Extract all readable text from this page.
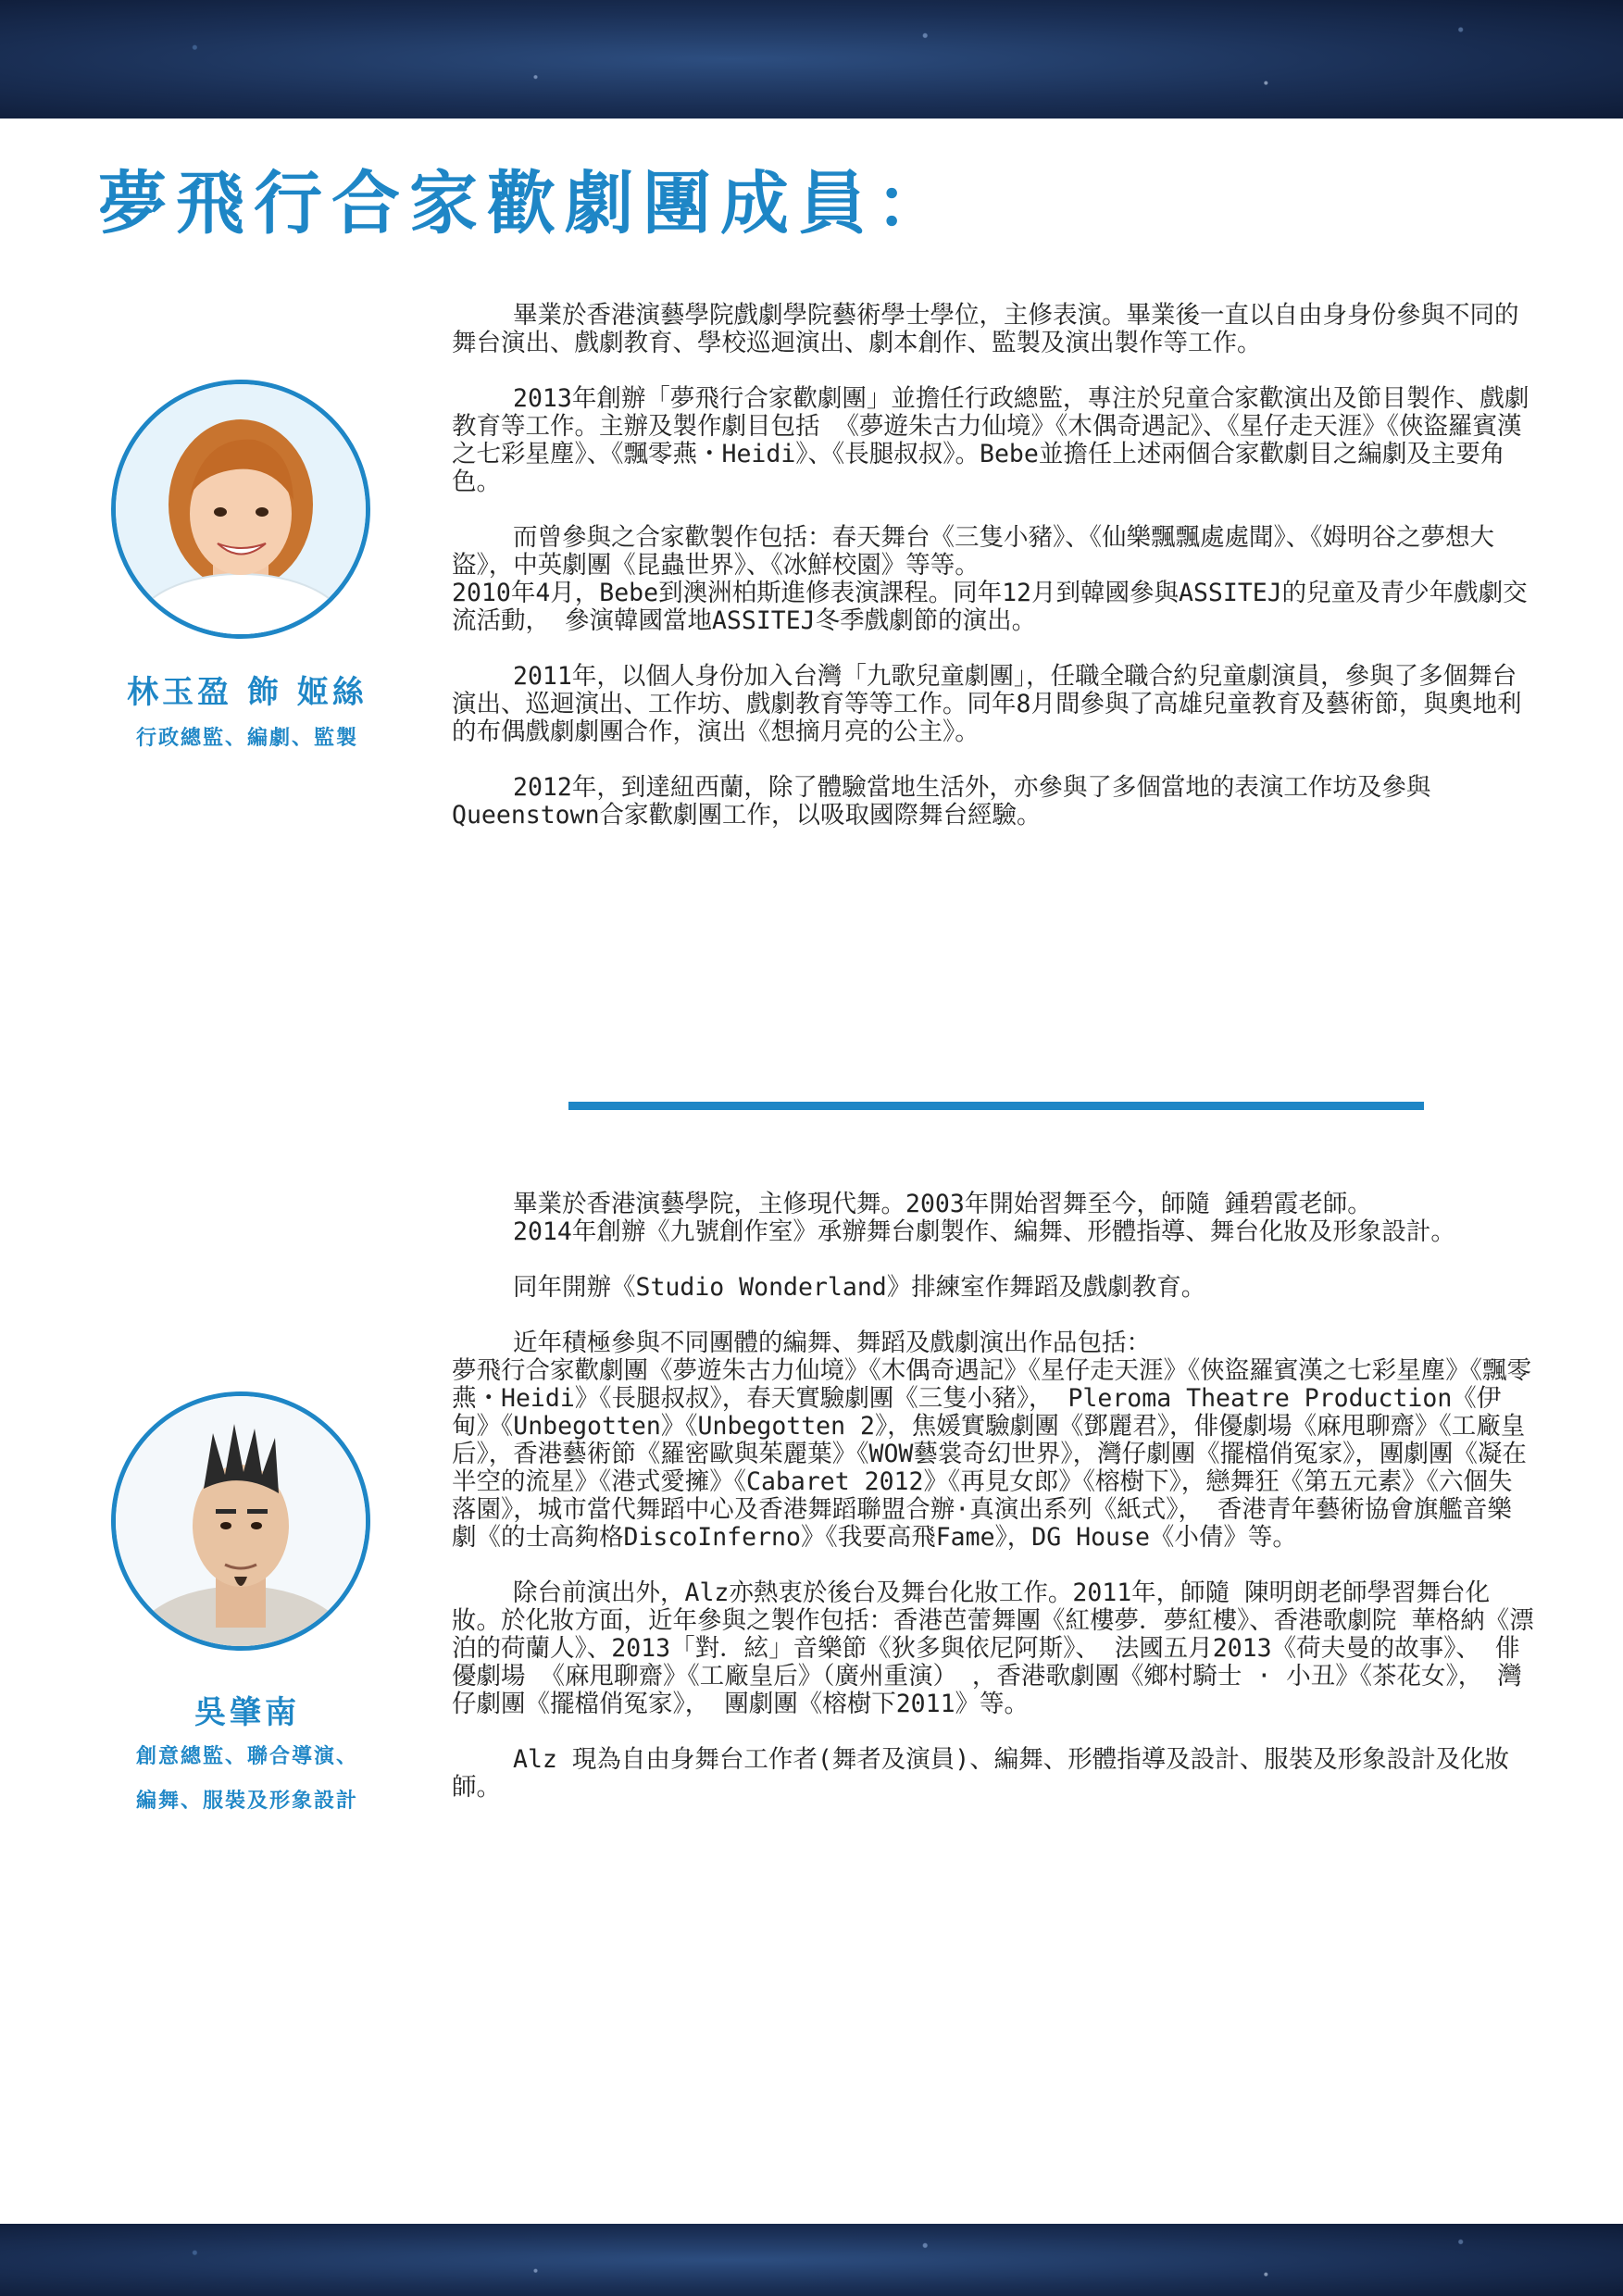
夢飛行合家歡劇團成員：
林玉盈 飾 姬絲
行政總監、編劇、監製

畢業於香港演藝學院戲劇學院藝術學士學位，主修表演。畢業後一直以自由身身份參與不同的舞台演出、戲劇教育、學校巡迴演出、劇本創作、監製及演出製作等工作。

2013年創辦「夢飛行合家歡劇團」並擔任行政總監，專注於兒童合家歡演出及節目製作、戲劇教育等工作。主辦及製作劇目包括 《夢遊朱古力仙境》《木偶奇遇記》、《星仔走天涯》《俠盜羅賓漢之七彩星塵》、《飄零燕・Heidi》、《長腿叔叔》。Bebe並擔任上述兩個合家歡劇目之編劇及主要角色。

而曾參與之合家歡製作包括：春天舞台《三隻小豬》、《仙樂飄飄處處聞》、《姆明谷之夢想大盜》，中英劇團《昆蟲世界》、《冰鮮校園》等等。
2010年4月，Bebe到澳洲柏斯進修表演課程。同年12月到韓國參與ASSITEJ的兒童及青少年戲劇交流活動， 參演韓國當地ASSITEJ冬季戲劇節的演出。

2011年，以個人身份加入台灣「九歌兒童劇團」，任職全職合約兒童劇演員，參與了多個舞台演出、巡迴演出、工作坊、戲劇教育等等工作。同年8月間參與了高雄兒童教育及藝術節，與奧地利的布偶戲劇劇團合作，演出《想摘月亮的公主》。

2012年，到達紐西蘭，除了體驗當地生活外，亦參與了多個當地的表演工作坊及參與Queenstown合家歡劇團工作，以吸取國際舞台經驗。

吳肇南
創意總監、聯合導演、
編舞、服裝及形象設計

畢業於香港演藝學院，主修現代舞。2003年開始習舞至今，師隨 鍾碧霞老師。

2014年創辦《九號創作室》承辦舞台劇製作、編舞、形體指導、舞台化妝及形象設計。

同年開辦《Studio Wonderland》排練室作舞蹈及戲劇教育。

近年積極參與不同團體的編舞、舞蹈及戲劇演出作品包括：
夢飛行合家歡劇團《夢遊朱古力仙境》《木偶奇遇記》《星仔走天涯》《俠盜羅賓漢之七彩星塵》《飄零燕・Heidi》《長腿叔叔》，春天實驗劇團《三隻小豬》， Pleroma Theatre Production《伊甸》《Unbegotten》《Unbegotten 2》，焦媛實驗劇團《鄧麗君》，俳優劇場《麻甩聊齋》《工廠皇后》，香港藝術節《羅密歐與茱麗葉》《WOW藝裳奇幻世界》，灣仔劇團《擺檔俏冤家》，團劇團《凝在半空的流星》《港式愛擁》《Cabaret 2012》《再見女郎》《榕樹下》，戀舞狂《第五元素》《六個失落園》，城市當代舞蹈中心及香港舞蹈聯盟合辦·真演出系列《紙式》， 香港青年藝術協會旗艦音樂劇《的士高夠格DiscoInferno》《我要高飛Fame》，DG House《小倩》等。

除台前演出外，Alz亦熱衷於後台及舞台化妝工作。2011年，師隨 陳明朗老師學習舞台化妝。於化妝方面，近年參與之製作包括：香港芭蕾舞團《紅樓夢．夢紅樓》、香港歌劇院 華格納《漂泊的荷蘭人》、2013「對．絃」音樂節《狄多與依尼阿斯》、 法國五月2013《荷夫曼的故事》、 俳優劇場 《麻甩聊齋》《工廠皇后》（廣州重演） ，香港歌劇團《鄉村騎士 · 小丑》《茶花女》， 灣仔劇團《擺檔俏冤家》， 團劇團《榕樹下2011》等。

Alz 現為自由身舞台工作者(舞者及演員)、編舞、形體指導及設計、服裝及形象設計及化妝師。
